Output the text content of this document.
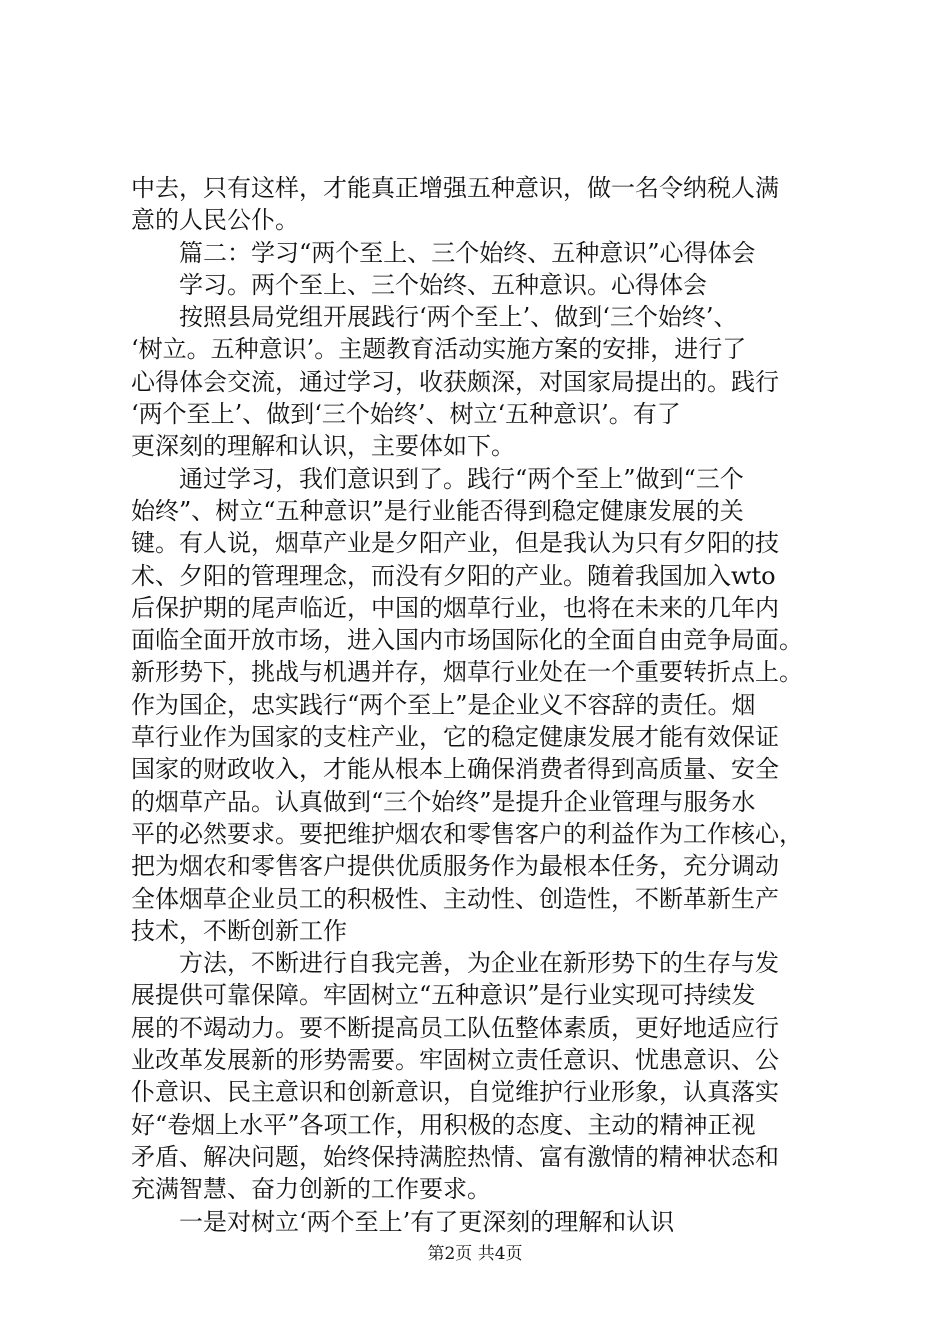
中去，只有这样，才能真正增强五种意识，做一名令纳税人满
意的人民公仆。
篇二：学习“两个至上、三个始终、五种意识”心得体会
学习。两个至上、三个始终、五种意识。心得体会
按照县局党组开展践行‘两个至上’、做到‘三个始终’、
‘树立。五种意识’。主题教育活动实施方案的安排，进行了
心得体会交流，通过学习，收获颇深，对国家局提出的。践行
‘两个至上’、做到‘三个始终’、树立‘五种意识’。有了
更深刻的理解和认识，主要体如下。
通过学习，我们意识到了。践行“两个至上”做到“三个
始终”、树立“五种意识”是行业能否得到稳定健康发展的关
键。有人说，烟草产业是夕阳产业，但是我认为只有夕阳的技
术、夕阳的管理理念，而没有夕阳的产业。随着我国加入wto
后保护期的尾声临近，中国的烟草行业，也将在未来的几年内
面临全面开放市场，进入国内市场国际化的全面自由竞争局面。
新形势下，挑战与机遇并存，烟草行业处在一个重要转折点上。
作为国企，忠实践行“两个至上”是企业义不容辞的责任。烟
草行业作为国家的支柱产业，它的稳定健康发展才能有效保证
国家的财政收入，才能从根本上确保消费者得到高质量、安全
的烟草产品。认真做到“三个始终”是提升企业管理与服务水
平的必然要求。要把维护烟农和零售客户的利益作为工作核心，
把为烟农和零售客户提供优质服务作为最根本任务，充分调动
全体烟草企业员工的积极性、主动性、创造性，不断革新生产
技术，不断创新工作
方法，不断进行自我完善，为企业在新形势下的生存与发
展提供可靠保障。牢固树立“五种意识”是行业实现可持续发
展的不竭动力。要不断提高员工队伍整体素质，更好地适应行
业改革发展新的形势需要。牢固树立责任意识、忧患意识、公
仆意识、民主意识和创新意识，自觉维护行业形象，认真落实
好“卷烟上水平”各项工作，用积极的态度、主动的精神正视
矛盾、解决问题，始终保持满腔热情、富有激情的精神状态和
充满智慧、奋力创新的工作要求。
一是对树立‘两个至上’有了更深刻的理解和认识
第2页 共4页
